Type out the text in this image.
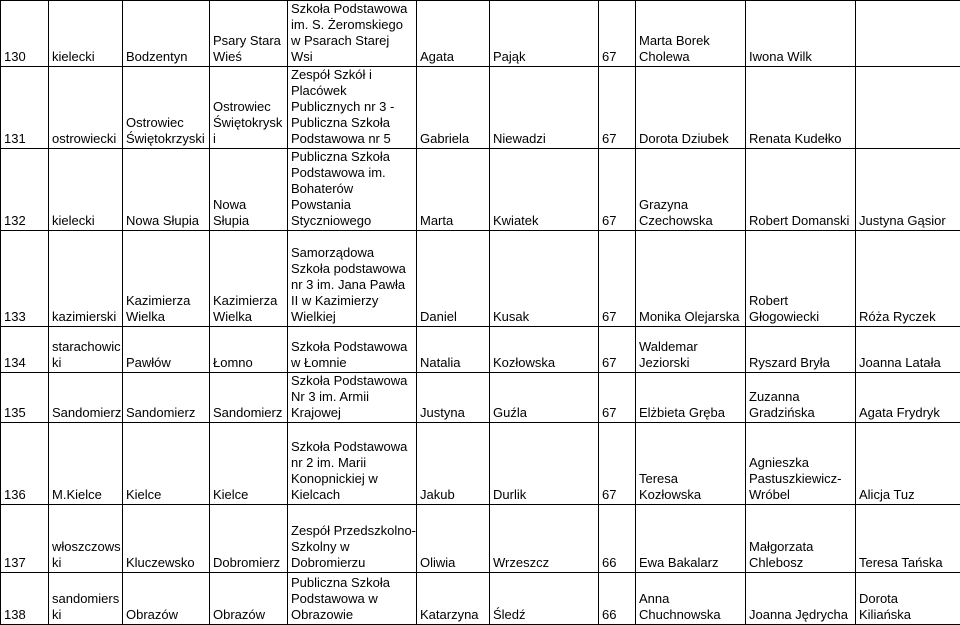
130	kielecki	Bodzentyn	Psary Stara
Wieś	Szkoła Podstawowa
im. S. Żeromskiego
w Psarach Starej
Wsi	Agata	Pająk	67	Marta Borek
Cholewa	Iwona Wilk	

131	ostrowiecki	Ostrowiec
Świętokrzyski	Ostrowiec
Świętokrysk
i	Zespół Szkół i
Placówek
Publicznych nr 3 -
Publiczna Szkoła
Podstawowa nr 5	Gabriela	Niewadzi	67	Dorota Dziubek	Renata Kudełko	

132	kielecki	Nowa Słupia	Nowa
Słupia	Publiczna Szkoła
Podstawowa im.
Bohaterów
Powstania
Styczniowego	Marta	Kwiatek	67	Grazyna
Czechowska	Robert Domanski	Justyna Gąsior

133	kazimierski	Kazimierza
Wielka	Kazimierza
Wielka	Samorządowa
Szkoła podstawowa
nr 3 im. Jana Pawła
II w Kazimierzy
Wielkiej	Daniel	Kusak	67	Monika Olejarska	Robert
Głogowiecki	Róża Ryczek

134	starachowic
ki	Pawłów	Łomno	Szkoła Podstawowa
w Łomnie	Natalia	Kozłowska	67	Waldemar
Jeziorski	Ryszard Bryła	Joanna Latała

135	Sandomierz	Sandomierz	Sandomierz	Szkoła Podstawowa
Nr 3 im. Armii
Krajowej	Justyna	Guźla	67	Elżbieta Gręba	Zuzanna
Gradzińska	Agata Frydryk

136	M.Kielce	Kielce	Kielce	Szkoła Podstawowa
nr 2 im. Marii
Konopnickiej w
Kielcach	Jakub	Durlik	67	Teresa
Kozłowska	Agnieszka
Pastuszkiewicz-
Wróbel	Alicja Tuz

137	włoszczows
ki	Kluczewsko	Dobromierz	Zespół Przedszkolno-
Szkolny w
Dobromierzu	Oliwia	Wrzeszcz	66	Ewa Bakalarz	Małgorzata
Chlebosz	Teresa Tańska

138	sandomiers
ki	Obrazów	Obrazów	Publiczna Szkoła
Podstawowa w
Obrazowie	Katarzyna	Śledź	66	Anna
Chuchnowska	Joanna Jędrycha	Dorota
Kiliańska
